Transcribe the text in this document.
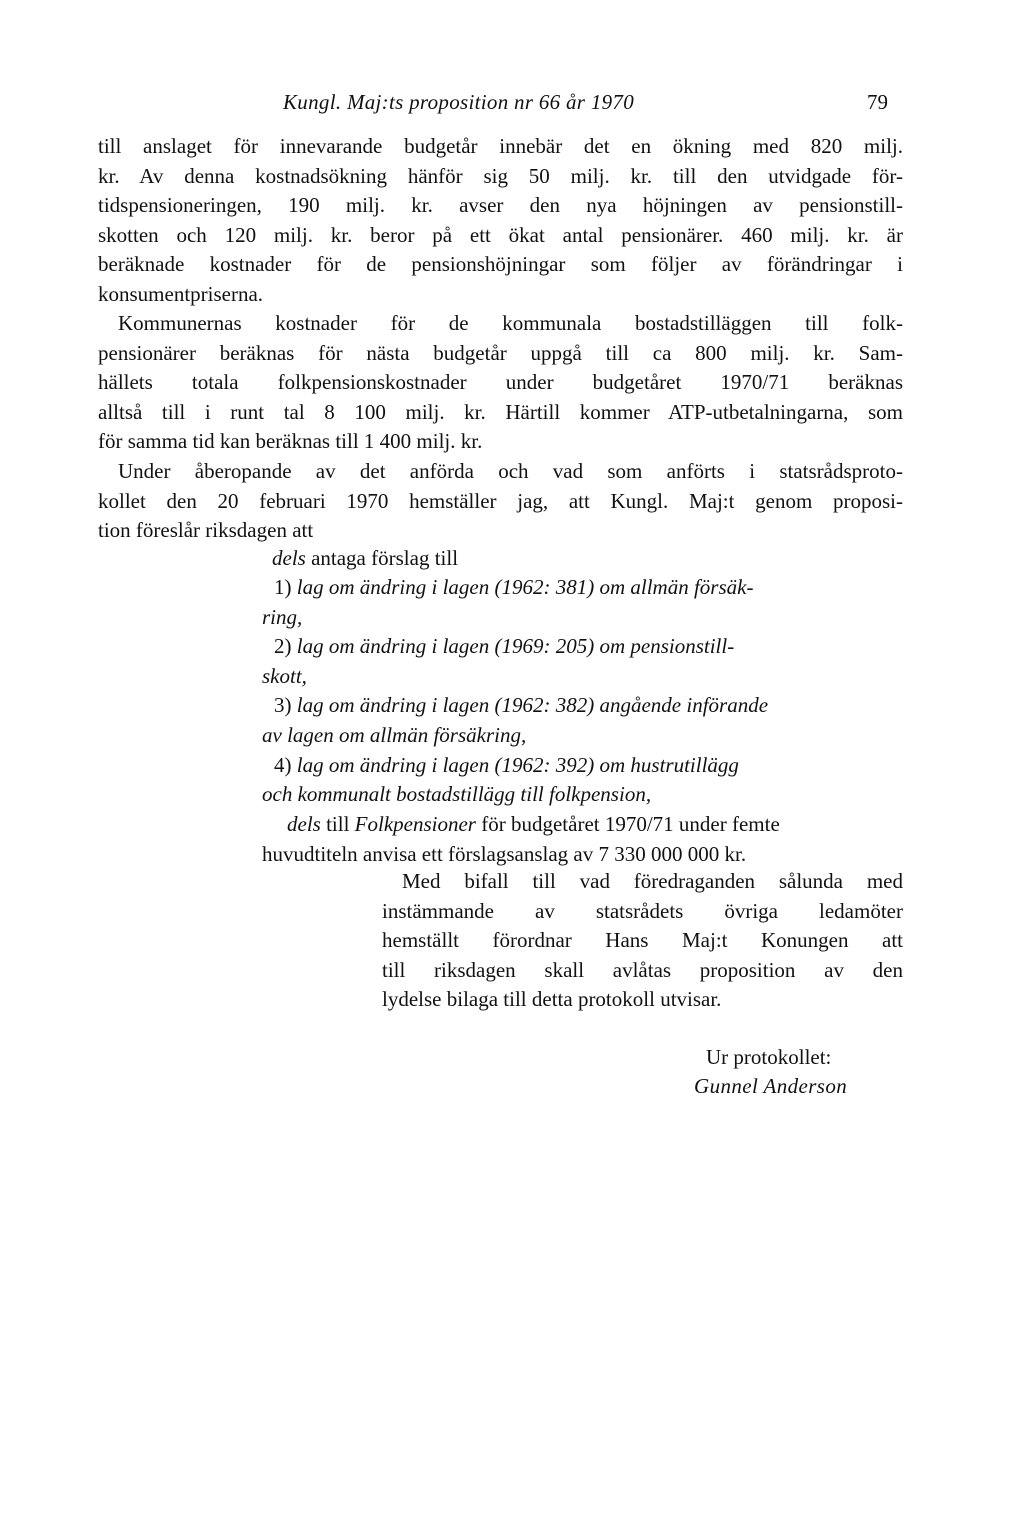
Kungl. Maj:ts proposition nr 66 år 1970	79
till anslaget för innevarande budgetår innebär det en ökning med 820 milj.
kr. Av denna kostnadsökning hänför sig 50 milj. kr. till den utvidgade för-
tidspensioneringen, 190 milj. kr. avser den nya höjningen av pensionstill-
skotten och 120 milj. kr. beror på ett ökat antal pensionärer. 460 milj. kr. är
beräknade kostnader för de pensionshöjningar som följer av förändringar i
konsumentpriserna.
Kommunernas kostnader för de kommunala bostadstilläggen till folk-
pensionärer beräknas för nästa budgetår uppgå till ca 800 milj. kr. Sam-
hällets totala folkpensionskostnader under budgetåret 1970/71 beräknas
alltså till i runt tal 8 100 milj. kr. Härtill kommer ATP-utbetalningarna, som
för samma tid kan beräknas till 1 400 milj. kr.
Under åberopande av det anförda och vad som anförts i statsrådsproto-
kollet den 20 februari 1970 hemställer jag, att Kungl. Maj:t genom proposi-
tion föreslår riksdagen att
dels antaga förslag till
1) lag om ändring i lagen (1962: 381) om allmän försäk-
ring,
2) lag om ändring i lagen (1969: 205) om pensionstill-
skott,
3) lag om ändring i lagen (1962: 382) angående införande
av lagen om allmän försäkring,
4) lag om ändring i lagen (1962: 392) om hustrutillägg
och kommunalt bostadstillägg till folkpension,
dels till Folkpensioner för budgetåret 1970/71 under femte
huvudtiteln anvisa ett förslagsanslag av 7 330 000 000 kr.
Med bifall till vad föredraganden sålunda med
instämmande av statsrådets övriga ledamöter
hemställt förordnar Hans Maj:t Konungen att
till riksdagen skall avlåtas proposition av den
lydelse bilaga till detta protokoll utvisar.
Ur protokollet:
Gunnel Anderson
